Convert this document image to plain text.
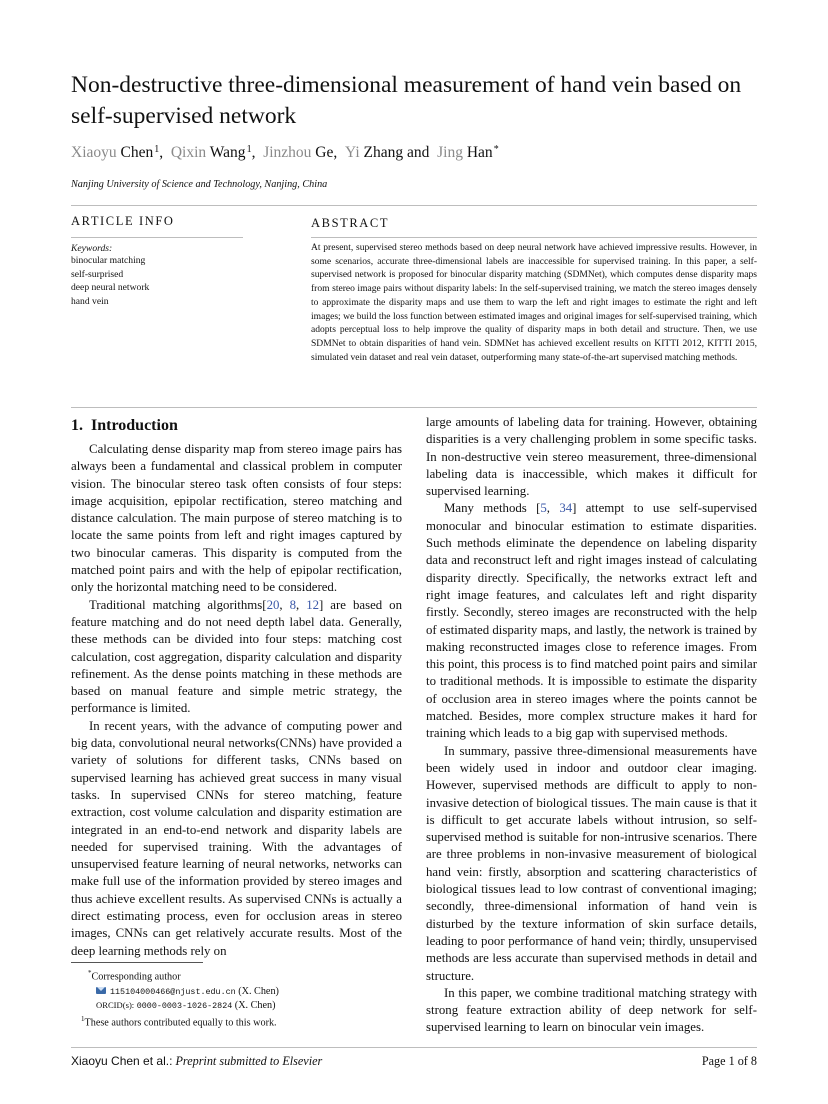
Non-destructive three-dimensional measurement of hand vein based on self-supervised network
Xiaoyu Chen$^1$,  Qixin Wang$^1$,  Jinzhou Ge,  Yi Zhang and  Jing Han*
Nanjing University of Science and Technology, Nanjing, China
ARTICLE INFO
Keywords:
binocular matching
self-surprised
deep neural network
hand vein
ABSTRACT
At present, supervised stereo methods based on deep neural network have achieved impressive results. However, in some scenarios, accurate three-dimensional labels are inaccessible for supervised training. In this paper, a self-supervised network is proposed for binocular disparity matching (SDMNet), which computes dense disparity maps from stereo image pairs without disparity labels: In the self-supervised training, we match the stereo images densely to approximate the disparity maps and use them to warp the left and right images to estimate the right and left images; we build the loss function between estimated images and original images for self-supervised training, which adopts perceptual loss to help improve the quality of disparity maps in both detail and structure. Then, we use SDMNet to obtain disparities of hand vein. SDMNet has achieved excellent results on KITTI 2012, KITTI 2015, simulated vein dataset and real vein dataset, outperforming many state-of-the-art supervised matching methods.
1. Introduction

Calculating dense disparity map from stereo image pairs has always been a fundamental and classical problem in computer vision. The binocular stereo task often consists of four steps: image acquisition, epipolar rectification, stereo matching and distance calculation. The main purpose of stereo matching is to locate the same points from left and right images captured by two binocular cameras. This disparity is computed from the matched point pairs and with the help of epipolar rectification, only the horizontal matching need to be considered.

Traditional matching algorithms[20, 8, 12] are based on feature matching and do not need depth label data. Generally, these methods can be divided into four steps: matching cost calculation, cost aggregation, disparity calculation and disparity refinement. As the dense points matching in these methods are based on manual feature and simple metric strategy, the performance is limited.

In recent years, with the advance of computing power and big data, convolutional neural networks(CNNs) have provided a variety of solutions for different tasks, CNNs based on supervised learning has achieved great success in many visual tasks. In supervised CNNs for stereo matching, feature extraction, cost volume calculation and disparity estimation are integrated in an end-to-end network and disparity labels are needed for supervised training. With the advantages of unsupervised feature learning of neural networks, networks can make full use of the information provided by stereo images and thus achieve excellent results. As supervised CNNs is actually a direct estimating process, even for occlusion areas in stereo images, CNNs can get relatively accurate results. Most of the deep learning methods rely on

*Corresponding author
115104000466@njust.edu.cn (X. Chen)
ORCID(s): 0000-0003-1026-2824 (X. Chen)
$^1$These authors contributed equally to this work.

large amounts of labeling data for training. However, obtaining disparities is a very challenging problem in some specific tasks. In non-destructive vein stereo measurement, three-dimensional labeling data is inaccessible, which makes it difficult for supervised learning.

Many methods [5, 34] attempt to use self-supervised monocular and binocular estimation to estimate disparities. Such methods eliminate the dependence on labeling disparity data and reconstruct left and right images instead of calculating disparity directly. Specifically, the networks extract left and right image features, and calculates left and right disparity firstly. Secondly, stereo images are reconstructed with the help of estimated disparity maps, and lastly, the network is trained by making reconstructed images close to reference images. From this point, this process is to find matched point pairs and similar to traditional methods. It is impossible to estimate the disparity of occlusion area in stereo images where the points cannot be matched. Besides, more complex structure makes it hard for training which leads to a big gap with supervised methods.

In summary, passive three-dimensional measurements have been widely used in indoor and outdoor clear imaging. However, supervised methods are difficult to apply to non-invasive detection of biological tissues. The main cause is that it is difficult to get accurate labels without intrusion, so self-supervised method is suitable for non-intrusive scenarios. There are three problems in non-invasive measurement of biological hand vein: firstly, absorption and scattering characteristics of biological tissues lead to low contrast of conventional imaging; secondly, three-dimensional information of hand vein is disturbed by the texture information of skin surface details, leading to poor performance of hand vein; thirdly, unsupervised methods are less accurate than supervised methods in detail and structure.

In this paper, we combine traditional matching strategy with strong feature extraction ability of deep network for self-supervised learning to learn on binocular vein images.

Xiaoyu Chen et al.: Preprint submitted to Elsevier	Page 1 of 8
